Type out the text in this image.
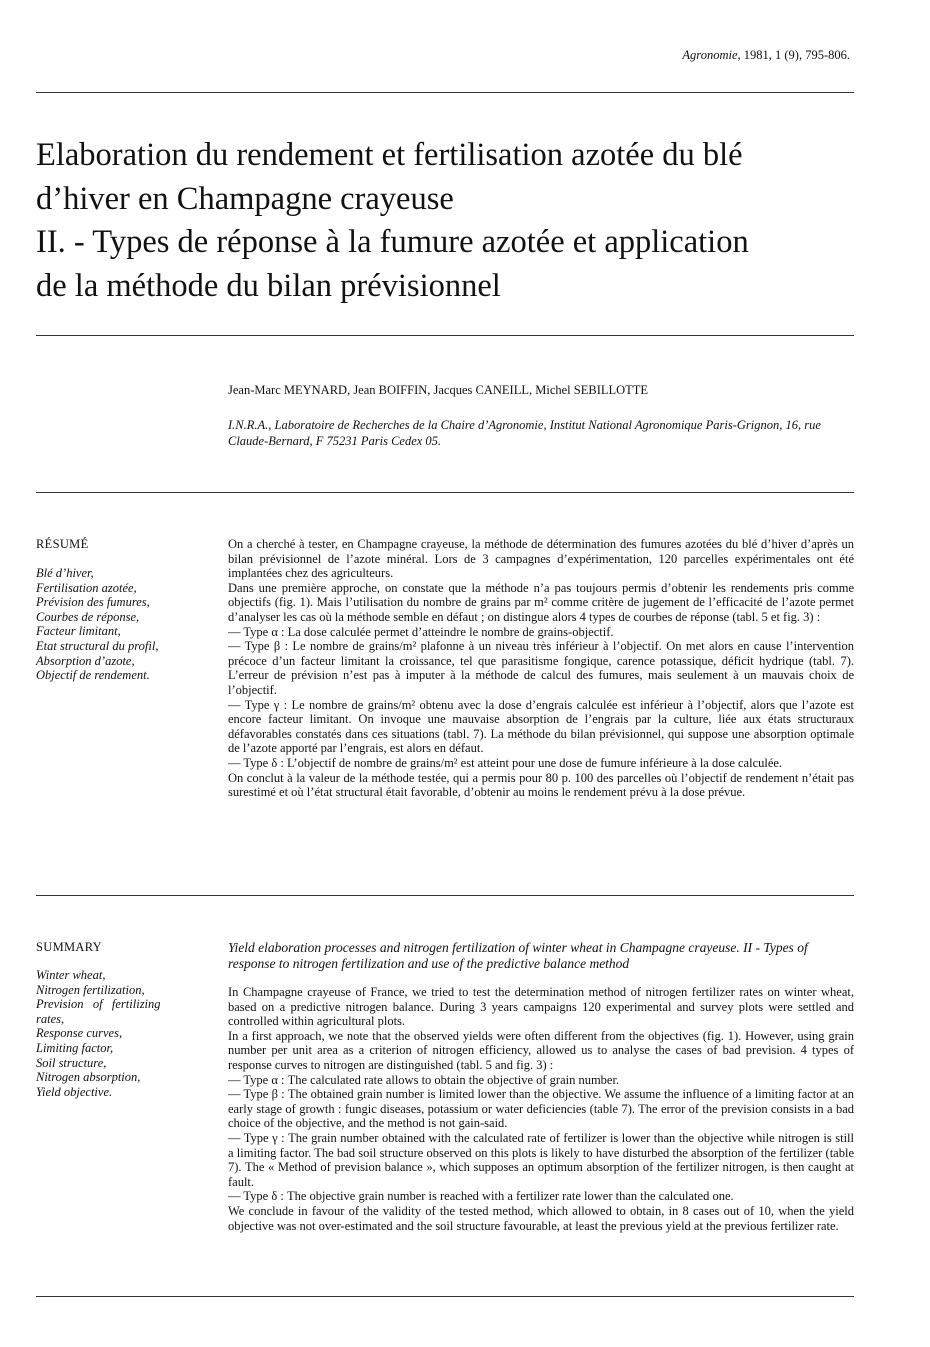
Agronomie, 1981, 1 (9), 795-806.
Elaboration du rendement et fertilisation azotée du blé
d’hiver en Champagne crayeuse
II. - Types de réponse à la fumure azotée et application
de la méthode du bilan prévisionnel
Jean-Marc MEYNARD, Jean BOIFFIN, Jacques CANEILL, Michel SEBILLOTTE
I.N.R.A., Laboratoire de Recherches de la Chaire d’Agronomie, Institut National Agronomique Paris-Grignon, 16, rue Claude-Bernard, F 75231 Paris Cedex 05.
RÉSUMÉ
Blé d’hiver,
Fertilisation azotée,
Prévision des fumures,
Courbes de réponse,
Facteur limitant,
Etat structural du profil,
Absorption d’azote,
Objectif de rendement.

On a cherché à tester, en Champagne crayeuse, la méthode de détermination des fumures azotées du blé d’hiver d’après un bilan prévisionnel de l’azote minéral. Lors de 3 campagnes d’expérimentation, 120 parcelles expérimentales ont été implantées chez des agriculteurs.

Dans une première approche, on constate que la méthode n’a pas toujours permis d’obtenir les rendements pris comme objectifs (fig. 1). Mais l’utilisation du nombre de grains par m² comme critère de jugement de l’efficacité de l’azote permet d’analyser les cas où la méthode semble en défaut ; on distingue alors 4 types de courbes de réponse (tabl. 5 et fig. 3) :

— Type α : La dose calculée permet d’atteindre le nombre de grains-objectif.

— Type β : Le nombre de grains/m² plafonne à un niveau très inférieur à l’objectif. On met alors en cause l’intervention précoce d’un facteur limitant la croissance, tel que parasitisme fongique, carence potassique, déficit hydrique (tabl. 7). L’erreur de prévision n’est pas à imputer à la méthode de calcul des fumures, mais seulement à un mauvais choix de l’objectif.

— Type γ : Le nombre de grains/m² obtenu avec la dose d’engrais calculée est inférieur à l’objectif, alors que l’azote est encore facteur limitant. On invoque une mauvaise absorption de l’engrais par la culture, liée aux états structuraux défavorables constatés dans ces situations (tabl. 7). La méthode du bilan prévisionnel, qui suppose une absorption optimale de l’azote apporté par l’engrais, est alors en défaut.

— Type δ : L’objectif de nombre de grains/m² est atteint pour une dose de fumure inférieure à la dose calculée.

On conclut à la valeur de la méthode testée, qui a permis pour 80 p. 100 des parcelles où l’objectif de rendement n’était pas surestimé et où l’état structural était favorable, d’obtenir au moins le rendement prévu à la dose prévue.

SUMMARY
Winter wheat,
Nitrogen fertilization,
Prevision   of   fertilizing
rates,
Response curves,
Limiting factor,
Soil structure,
Nitrogen absorption,
Yield objective.
Yield elaboration processes and nitrogen fertilization of winter wheat in Champagne crayeuse. II - Types of response to nitrogen fertilization and use of the predictive balance method

In Champagne crayeuse of France, we tried to test the determination method of nitrogen fertilizer rates on winter wheat, based on a predictive nitrogen balance. During 3 years campaigns 120 experimental and survey plots were settled and controlled within agricultural plots.

In a first approach, we note that the observed yields were often different from the objectives (fig. 1). However, using grain number per unit area as a criterion of nitrogen efficiency, allowed us to analyse the cases of bad prevision. 4 types of response curves to nitrogen are distinguished (tabl. 5 and fig. 3) :

— Type α : The calculated rate allows to obtain the objective of grain number.

— Type β : The obtained grain number is limited lower than the objective. We assume the influence of a limiting factor at an early stage of growth : fungic diseases, potassium or water deficiencies (table 7). The error of the prevision consists in a bad choice of the objective, and the method is not gain-said.

— Type γ : The grain number obtained with the calculated rate of fertilizer is lower than the objective while nitrogen is still a limiting factor. The bad soil structure observed on this plots is likely to have disturbed the absorption of the fertilizer (table 7). The « Method of prevision balance », which supposes an optimum absorption of the fertilizer nitrogen, is then caught at fault.

— Type δ : The objective grain number is reached with a fertilizer rate lower than the calculated one.

We conclude in favour of the validity of the tested method, which allowed to obtain, in 8 cases out of 10, when the yield objective was not over-estimated and the soil structure favourable, at least the previous yield at the previous fertilizer rate.
